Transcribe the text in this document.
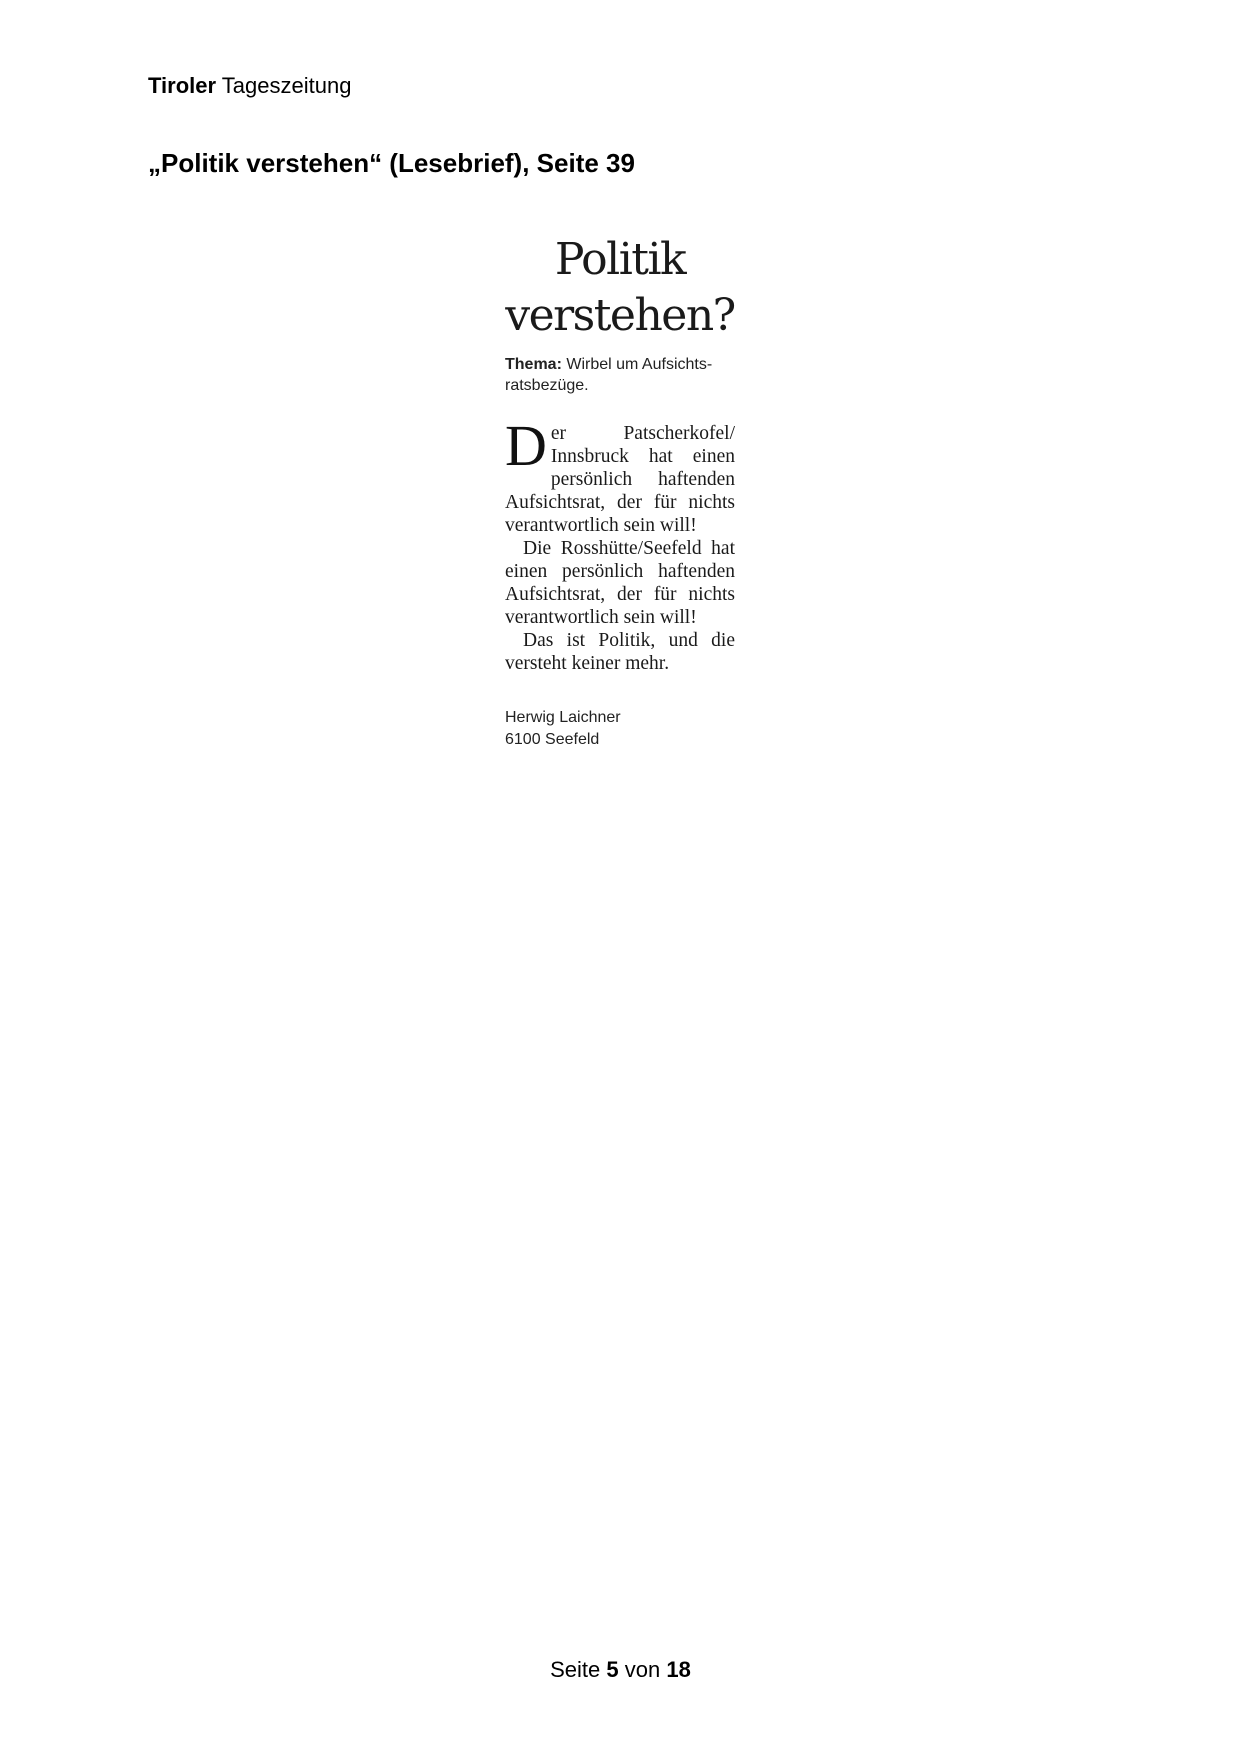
Tiroler Tageszeitung
„Politik verstehen“ (Lesebrief), Seite 39
Politik
verstehen?
Thema: Wirbel um Aufsichts-ratsbezüge.

Der Patscherkofel/ Innsbruck hat einen persönlich haftenden Aufsichtsrat, der für nichts verantwortlich sein will!

Die Rosshütte/Seefeld hat einen persönlich haftenden Aufsichtsrat, der für nichts verantwortlich sein will!

Das ist Politik, und die versteht keiner mehr.

Herwig Laichner
6100 Seefeld
Seite 5 von 18
